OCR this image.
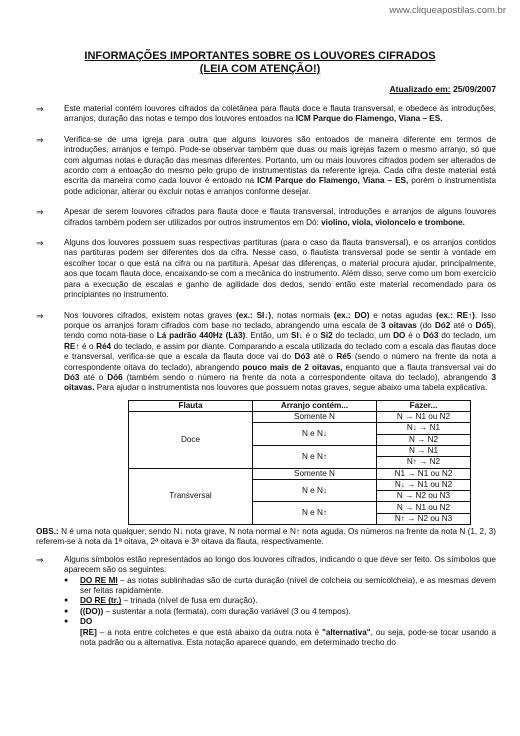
www.cliqueapostilas.com.br
INFORMAÇÕES IMPORTANTES SOBRE OS LOUVORES CIFRADOS
(LEIA COM ATENÇÃO!)
Atualizado em: 25/09/2007
⇒ Este material contém louvores cifrados da coletânea para flauta doce e flauta transversal, e obedece às introduções, arranjos, duração das notas e tempo dos louvores entoados na ICM Parque do Flamengo, Viana – ES.
⇒ Verifica-se de uma igreja para outra que alguns louvores são entoados de maneira diferente em termos de introduções, arranjos e tempo. Pode-se observar também que duas ou mais igrejas fazem o mesmo arranjo, só que com algumas notas e duração das mesmas diferentes. Portanto, um ou mais louvores cifrados podem ser alterados de acordo com a entoação do mesmo pelo grupo de instrumentistas da referente igreja. Cada cifra deste material está escrita da maneira como cada louvor é entoado na ICM Parque do Flamengo, Viana – ES, porém o instrumentista pode adicionar, alterar ou excluir notas e arranjos conforme desejar.
⇒ Apesar de serem louvores cifrados para flauta doce e flauta transversal, introduções e arranjos de alguns louvores cifrados também podem ser utilizados por outros instrumentos em Dó: violino, viola, violoncelo e trombone.
⇒ Alguns dos louvores possuem suas respectivas partituras (para o caso da flauta transversal), e os arranjos contidos nas partituras podem ser diferentes dos da cifra. Nesse caso, o flautista transversal pode se sentir à vontade em escolher tocar o que está na cifra ou na partitura. Apesar das diferenças, o material procura ajudar, principalmente, aos que tocam flauta doce, encaixando-se com a mecânica do instrumento. Além disso, serve como um bom exercício para a execução de escalas e ganho de agilidade dos dedos, sendo então este material recomendado para os principiantes no instrumento.
⇒ Nos louvores cifrados, existem notas graves (ex.: SI↓), notas normais (ex.: DO) e notas agudas (ex.: RE↑). Isso porque os arranjos foram cifrados com base no teclado, abrangendo uma escala de 3 oitavas (do Dó2 até o Dó5), tendo como nota-base o Lá padrão 440Hz (Lá3). Então, um SI↓ é o Si2 do teclado, um DO é o Dó3 do teclado, um RE↑ é o Ré4 do teclado, e assim por diante. Comparando a escala utilizada do teclado com a escala das flautas doce e transversal, verifica-se que a escala da flauta doce vai do Dó3 até o Ré5 (sendo o número na frente da nota a correspondente oitava do teclado), abrangendo pouco mais de 2 oitavas, enquanto que a flauta transversal vai do Dó3 até o Dó6 (também sendo o número na frente da nota a correspondente oitava do teclado), abrangendo 3 oitavas. Para ajudar o instrumentista nos louvores que possuem notas graves, segue abaixo uma tabela explicativa.
Flauta	Arranjo contém...	Fazer...
Doce	Somente N	N → N1 ou N2
	N e N↓	N↓ → N1
		N → N2
	N e N↑	N → N1
		N↑ → N2
Transversal	Somente N	N1 → N1 ou N2
	N e N↓	N↓ → N1 ou N2
		N → N2 ou N3
	N e N↑	N → N1 ou N2
		N↑ → N2 ou N3
OBS.: N é uma nota qualquer, sendo N↓ nota grave, N nota normal e N↑ nota aguda. Os números na frente da nota N (1, 2, 3) referem-se à nota da 1ª oitava, 2ª oitava e 3ª oitava da flauta, respectivamente.
⇒ Alguns símbolos estão representados ao longo dos louvores cifrados, indicando o que deve ser feito. Os símbolos que aparecem são os seguintes:
● DO RE MI – as notas sublinhadas são de curta duração (nível de colcheia ou semicolcheia), e as mesmas devem ser feitas rapidamente.
● DO RE (tr.) – trinada (nível de fusa em duração).
● ((DO)) – sustentar a nota (fermata), com duração variável (3 ou 4 tempos).
● DO
[RE] – a nota entre colchetes e que está abaixo da outra nota é "alternativa", ou seja, pode-se tocar usando a nota padrão ou a alternativa. Esta notação aparece quando, em determinado trecho do
